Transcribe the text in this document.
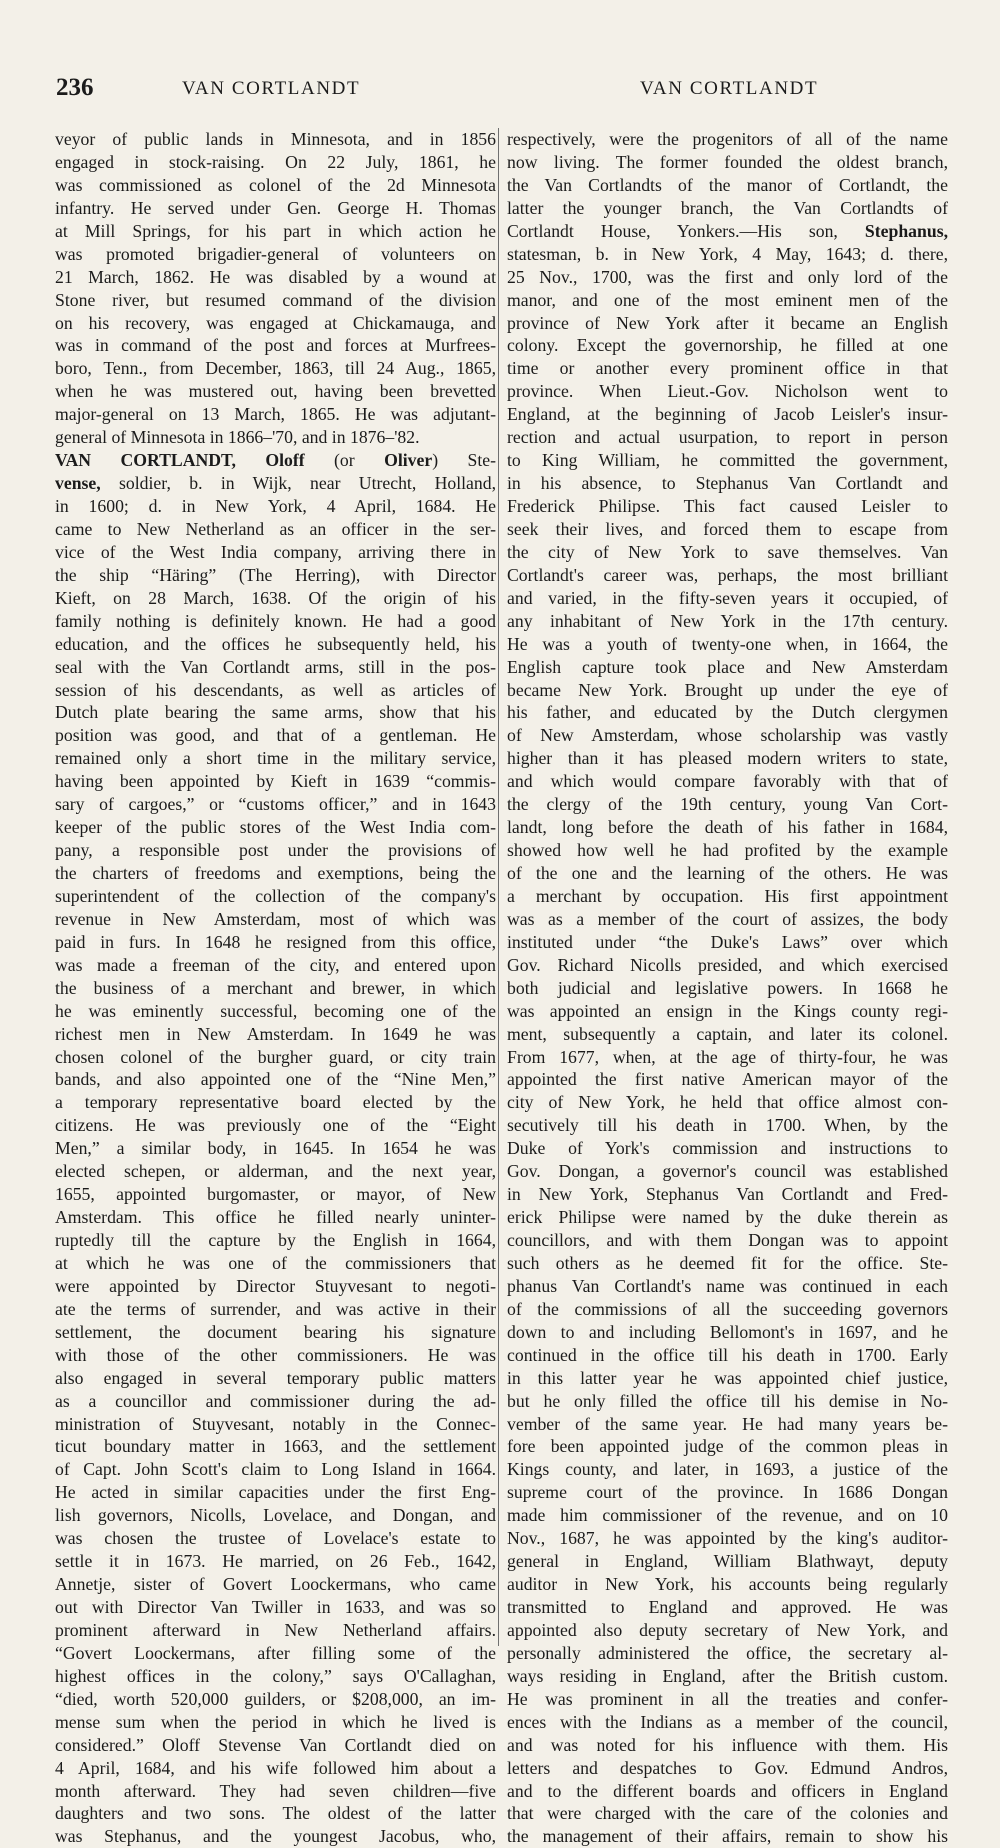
236	VAN CORTLANDT	VAN CORTLANDT
veyor of public lands in Minnesota, and in 1856
engaged in stock-raising. On 22 July, 1861, he
was commissioned as colonel of the 2d Minnesota
infantry. He served under Gen. George H. Thomas
at Mill Springs, for his part in which action he
was promoted brigadier-general of volunteers on
21 March, 1862. He was disabled by a wound at
Stone river, but resumed command of the division
on his recovery, was engaged at Chickamauga, and
was in command of the post and forces at Murfrees-
boro, Tenn., from December, 1863, till 24 Aug., 1865,
when he was mustered out, having been brevetted
major-general on 13 March, 1865. He was adjutant-
general of Minnesota in 1866–'70, and in 1876–'82.
VAN CORTLANDT, Oloff (or Oliver) Ste-
vense, soldier, b. in Wijk, near Utrecht, Holland,
in 1600; d. in New York, 4 April, 1684. He
came to New Netherland as an officer in the ser-
vice of the West India company, arriving there in
the ship “Häring” (The Herring), with Director
Kieft, on 28 March, 1638. Of the origin of his
family nothing is definitely known. He had a good
education, and the offices he subsequently held, his
seal with the Van Cortlandt arms, still in the pos-
session of his descendants, as well as articles of
Dutch plate bearing the same arms, show that his
position was good, and that of a gentleman. He
remained only a short time in the military service,
having been appointed by Kieft in 1639 “commis-
sary of cargoes,” or “customs officer,” and in 1643
keeper of the public stores of the West India com-
pany, a responsible post under the provisions of
the charters of freedoms and exemptions, being the
superintendent of the collection of the company's
revenue in New Amsterdam, most of which was
paid in furs. In 1648 he resigned from this office,
was made a freeman of the city, and entered upon
the business of a merchant and brewer, in which
he was eminently successful, becoming one of the
richest men in New Amsterdam. In 1649 he was
chosen colonel of the burgher guard, or city train
bands, and also appointed one of the “Nine Men,”
a temporary representative board elected by the
citizens. He was previously one of the “Eight
Men,” a similar body, in 1645. In 1654 he was
elected schepen, or alderman, and the next year,
1655, appointed burgomaster, or mayor, of New
Amsterdam. This office he filled nearly uninter-
ruptedly till the capture by the English in 1664,
at which he was one of the commissioners that
were appointed by Director Stuyvesant to negoti-
ate the terms of surrender, and was active in their
settlement, the document bearing his signature
with those of the other commissioners. He was
also engaged in several temporary public matters
as a councillor and commissioner during the ad-
ministration of Stuyvesant, notably in the Connec-
ticut boundary matter in 1663, and the settlement
of Capt. John Scott's claim to Long Island in 1664.
He acted in similar capacities under the first Eng-
lish governors, Nicolls, Lovelace, and Dongan, and
was chosen the trustee of Lovelace's estate to
settle it in 1673. He married, on 26 Feb., 1642,
Annetje, sister of Govert Loockermans, who came
out with Director Van Twiller in 1633, and was so
prominent afterward in New Netherland affairs.
“Govert Loockermans, after filling some of the
highest offices in the colony,” says O'Callaghan,
“died, worth 520,000 guilders, or $208,000, an im-
mense sum when the period in which he lived is
considered.” Oloff Stevense Van Cortlandt died on
4 April, 1684, and his wife followed him about a
month afterward. They had seven children—five
daughters and two sons. The oldest of the latter
was Stephanus, and the youngest Jacobus, who,
respectively, were the progenitors of all of the name
now living. The former founded the oldest branch,
the Van Cortlandts of the manor of Cortlandt, the
latter the younger branch, the Van Cortlandts of
Cortlandt House, Yonkers.—His son, Stephanus,
statesman, b. in New York, 4 May, 1643; d. there,
25 Nov., 1700, was the first and only lord of the
manor, and one of the most eminent men of the
province of New York after it became an English
colony. Except the governorship, he filled at one
time or another every prominent office in that
province. When Lieut.-Gov. Nicholson went to
England, at the beginning of Jacob Leisler's insur-
rection and actual usurpation, to report in person
to King William, he committed the government,
in his absence, to Stephanus Van Cortlandt and
Frederick Philipse. This fact caused Leisler to
seek their lives, and forced them to escape from
the city of New York to save themselves. Van
Cortlandt's career was, perhaps, the most brilliant
and varied, in the fifty-seven years it occupied, of
any inhabitant of New York in the 17th century.
He was a youth of twenty-one when, in 1664, the
English capture took place and New Amsterdam
became New York. Brought up under the eye of
his father, and educated by the Dutch clergymen
of New Amsterdam, whose scholarship was vastly
higher than it has pleased modern writers to state,
and which would compare favorably with that of
the clergy of the 19th century, young Van Cort-
landt, long before the death of his father in 1684,
showed how well he had profited by the example
of the one and the learning of the others. He was
a merchant by occupation. His first appointment
was as a member of the court of assizes, the body
instituted under “the Duke's Laws” over which
Gov. Richard Nicolls presided, and which exercised
both judicial and legislative powers. In 1668 he
was appointed an ensign in the Kings county regi-
ment, subsequently a captain, and later its colonel.
From 1677, when, at the age of thirty-four, he was
appointed the first native American mayor of the
city of New York, he held that office almost con-
secutively till his death in 1700. When, by the
Duke of York's commission and instructions to
Gov. Dongan, a governor's council was established
in New York, Stephanus Van Cortlandt and Fred-
erick Philipse were named by the duke therein as
councillors, and with them Dongan was to appoint
such others as he deemed fit for the office. Ste-
phanus Van Cortlandt's name was continued in each
of the commissions of all the succeeding governors
down to and including Bellomont's in 1697, and he
continued in the office till his death in 1700. Early
in this latter year he was appointed chief justice,
but he only filled the office till his demise in No-
vember of the same year. He had many years be-
fore been appointed judge of the common pleas in
Kings county, and later, in 1693, a justice of the
supreme court of the province. In 1686 Dongan
made him commissioner of the revenue, and on 10
Nov., 1687, he was appointed by the king's auditor-
general in England, William Blathwayt, deputy
auditor in New York, his accounts being regularly
transmitted to England and approved. He was
appointed also deputy secretary of New York, and
personally administered the office, the secretary al-
ways residing in England, after the British custom.
He was prominent in all the treaties and confer-
ences with the Indians as a member of the council,
and was noted for his influence with them. His
letters and despatches to Gov. Edmund Andros,
and to the different boards and officers in England
that were charged with the care of the colonies and
the management of their affairs, remain to show his
